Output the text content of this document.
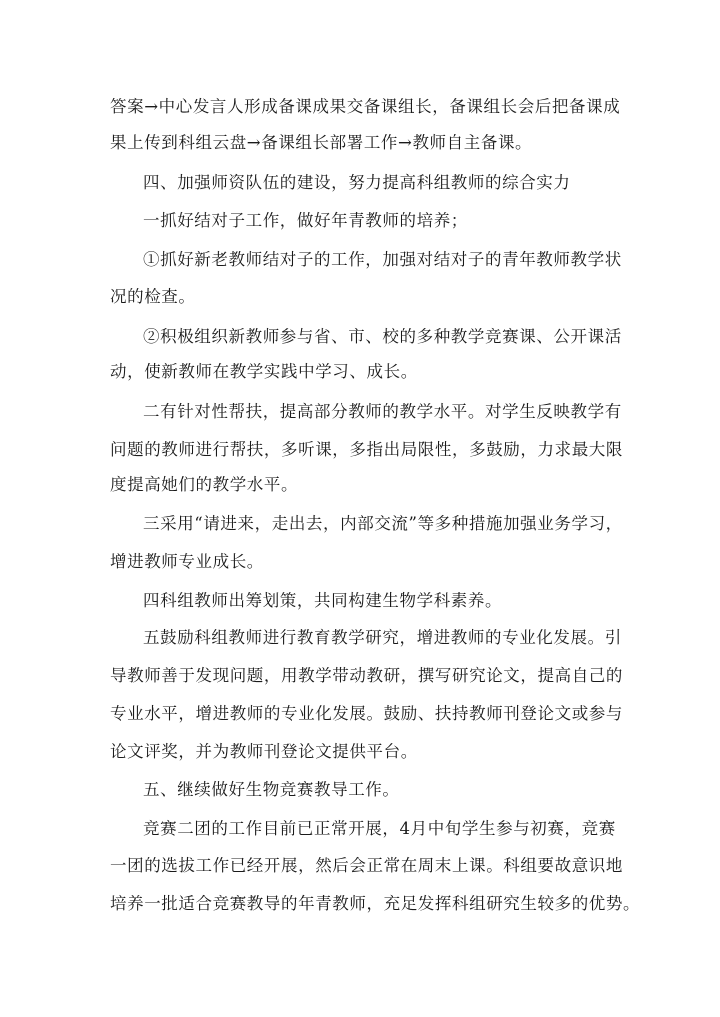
答案→中心发言人形成备课成果交备课组长，备课组长会后把备课成
果上传到科组云盘→备课组长部署工作→教师自主备课。
四、加强师资队伍的建设，努力提高科组教师的综合实力
一抓好结对子工作，做好年青教师的培养；
①抓好新老教师结对子的工作，加强对结对子的青年教师教学状
况的检查。
②积极组织新教师参与省、市、校的多种教学竞赛课、公开课活
动，使新教师在教学实践中学习、成长。
二有针对性帮扶，提高部分教师的教学水平。对学生反映教学有
问题的教师进行帮扶，多听课，多指出局限性，多鼓励，力求最大限
度提高她们的教学水平。
三采用“请进来，走出去，内部交流”等多种措施加强业务学习，
增进教师专业成长。
四科组教师出筹划策，共同构建生物学科素养。
五鼓励科组教师进行教育教学研究，增进教师的专业化发展。引
导教师善于发现问题，用教学带动教研，撰写研究论文，提高自己的
专业水平，增进教师的专业化发展。鼓励、扶持教师刊登论文或参与
论文评奖，并为教师刊登论文提供平台。
五、继续做好生物竞赛教导工作。
竞赛二团的工作目前已正常开展，4月中旬学生参与初赛，竞赛
一团的选拔工作已经开展，然后会正常在周末上课。科组要故意识地
培养一批适合竞赛教导的年青教师，充足发挥科组研究生较多的优势。
